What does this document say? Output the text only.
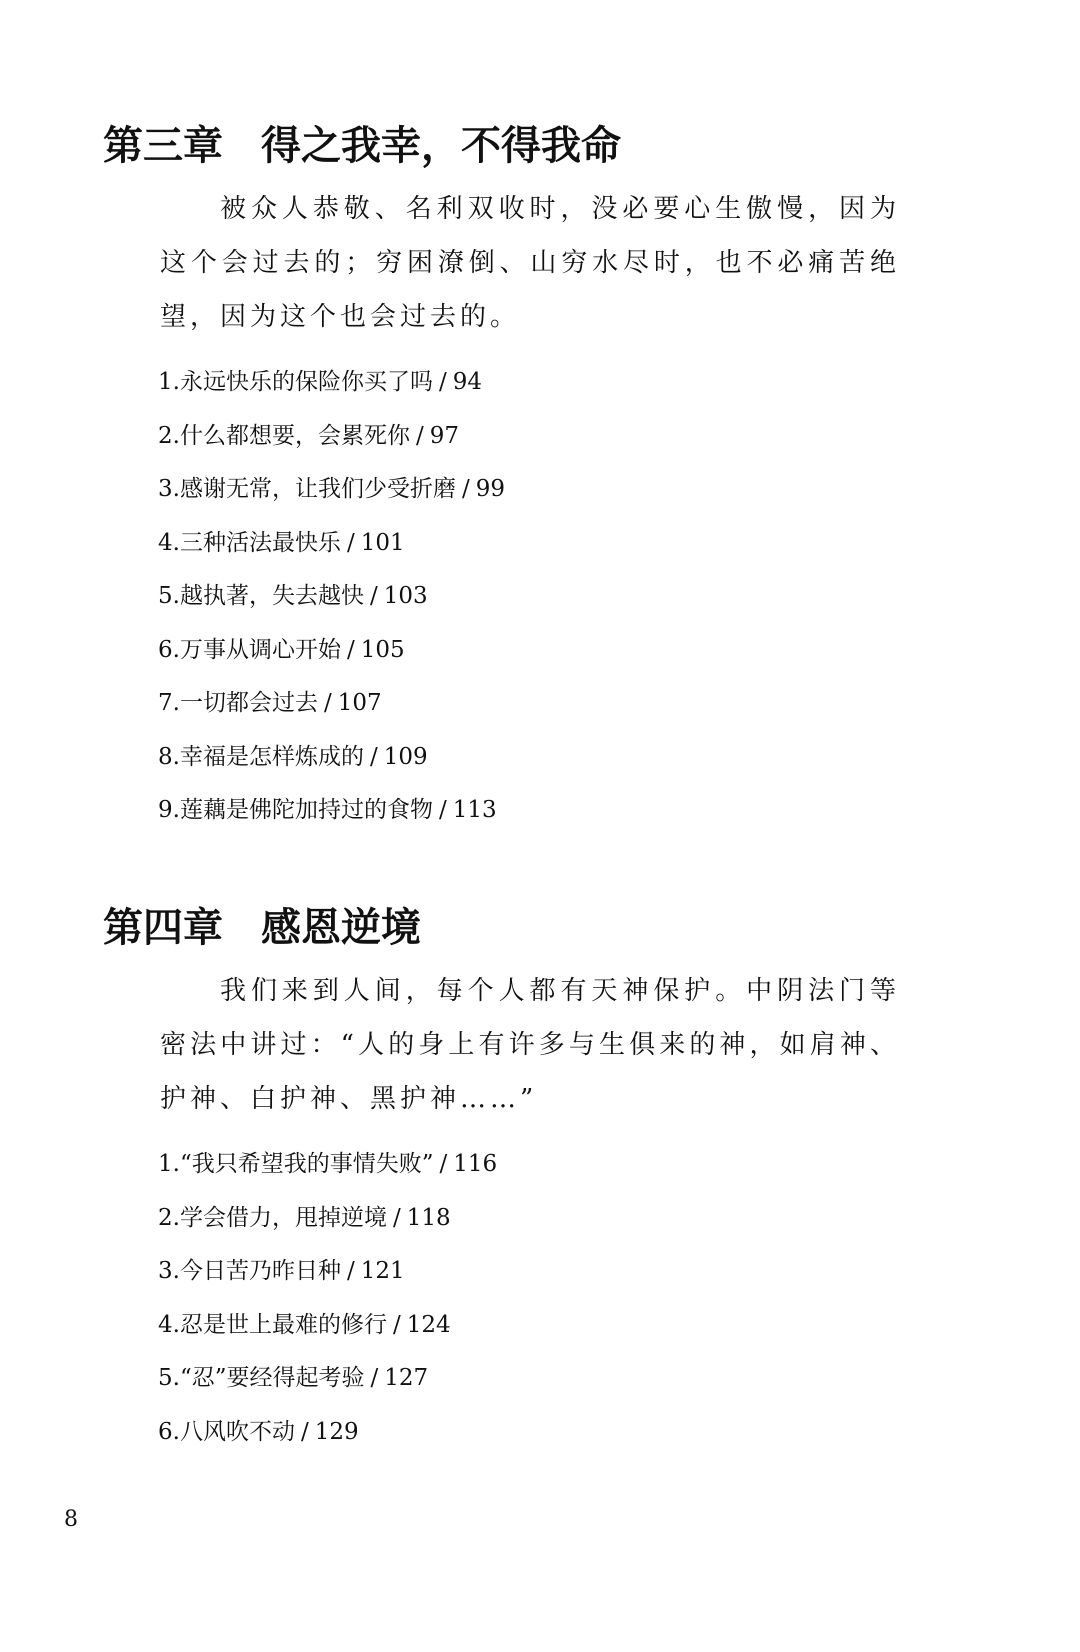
第三章 得之我幸，不得我命

被众人恭敬、名利双收时，没必要心生傲慢，因为这个会过去的；穷困潦倒、山穷水尽时，也不必痛苦绝望，因为这个也会过去的。

1.永远快乐的保险你买了吗 / 94
2.什么都想要，会累死你 / 97
3.感谢无常，让我们少受折磨 / 99
4.三种活法最快乐 / 101
5.越执著，失去越快 / 103
6.万事从调心开始 / 105
7.一切都会过去 / 107
8.幸福是怎样炼成的 / 109
9.莲藕是佛陀加持过的食物 / 113
第四章 感恩逆境

我们来到人间，每个人都有天神保护。中阴法门等密法中讲过：“人的身上有许多与生俱来的神，如肩神、护神、白护神、黑护神……”

1.“我只希望我的事情失败” / 116
2.学会借力，甩掉逆境 / 118
3.今日苦乃昨日种 / 121
4.忍是世上最难的修行 / 124
5.“忍”要经得起考验 / 127
6.八风吹不动 / 129
8
